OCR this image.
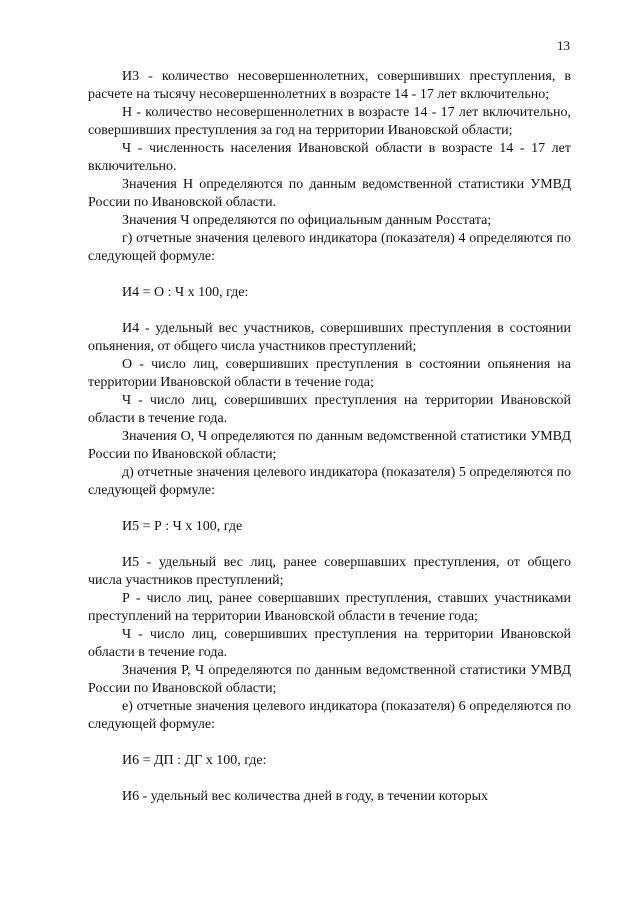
13

И3 - количество несовершеннолетних, совершивших преступления, в расчете на тысячу несовершеннолетних в возрасте 14 - 17 лет включительно;

Н - количество несовершеннолетних в возрасте 14 - 17 лет включительно, совершивших преступления за год на территории Ивановской области;

Ч - численность населения Ивановской области в возрасте 14 - 17 лет включительно.

Значения Н определяются по данным ведомственной статистики УМВД России по Ивановской области.

Значения Ч определяются по официальным данным Росстата;

г) отчетные значения целевого индикатора (показателя) 4 определяются по следующей формуле:

И4 = О : Ч х 100, где:

И4 - удельный вес участников, совершивших преступления в состоянии опьянения, от общего числа участников преступлений;

О - число лиц, совершивших преступления в состоянии опьянения на территории Ивановской области в течение года;

Ч - число лиц, совершивших преступления на территории Ивановской области в течение года.

Значения О, Ч определяются по данным ведомственной статистики УМВД России по Ивановской области;

д) отчетные значения целевого индикатора (показателя) 5 определяются по следующей формуле:

И5 = Р : Ч х 100, где

И5 - удельный вес лиц, ранее совершавших преступления, от общего числа участников преступлений;

Р - число лиц, ранее совершавших преступления, ставших участниками преступлений на территории Ивановской области в течение года;

Ч - число лиц, совершивших преступления на территории Ивановской области в течение года.

Значения Р, Ч определяются по данным ведомственной статистики УМВД России по Ивановской области;

е) отчетные значения целевого индикатора (показателя) 6 определяются по следующей формуле:

И6 = ДП : ДГ х 100, где:

И6 - удельный вес количества дней в году, в течении которых
